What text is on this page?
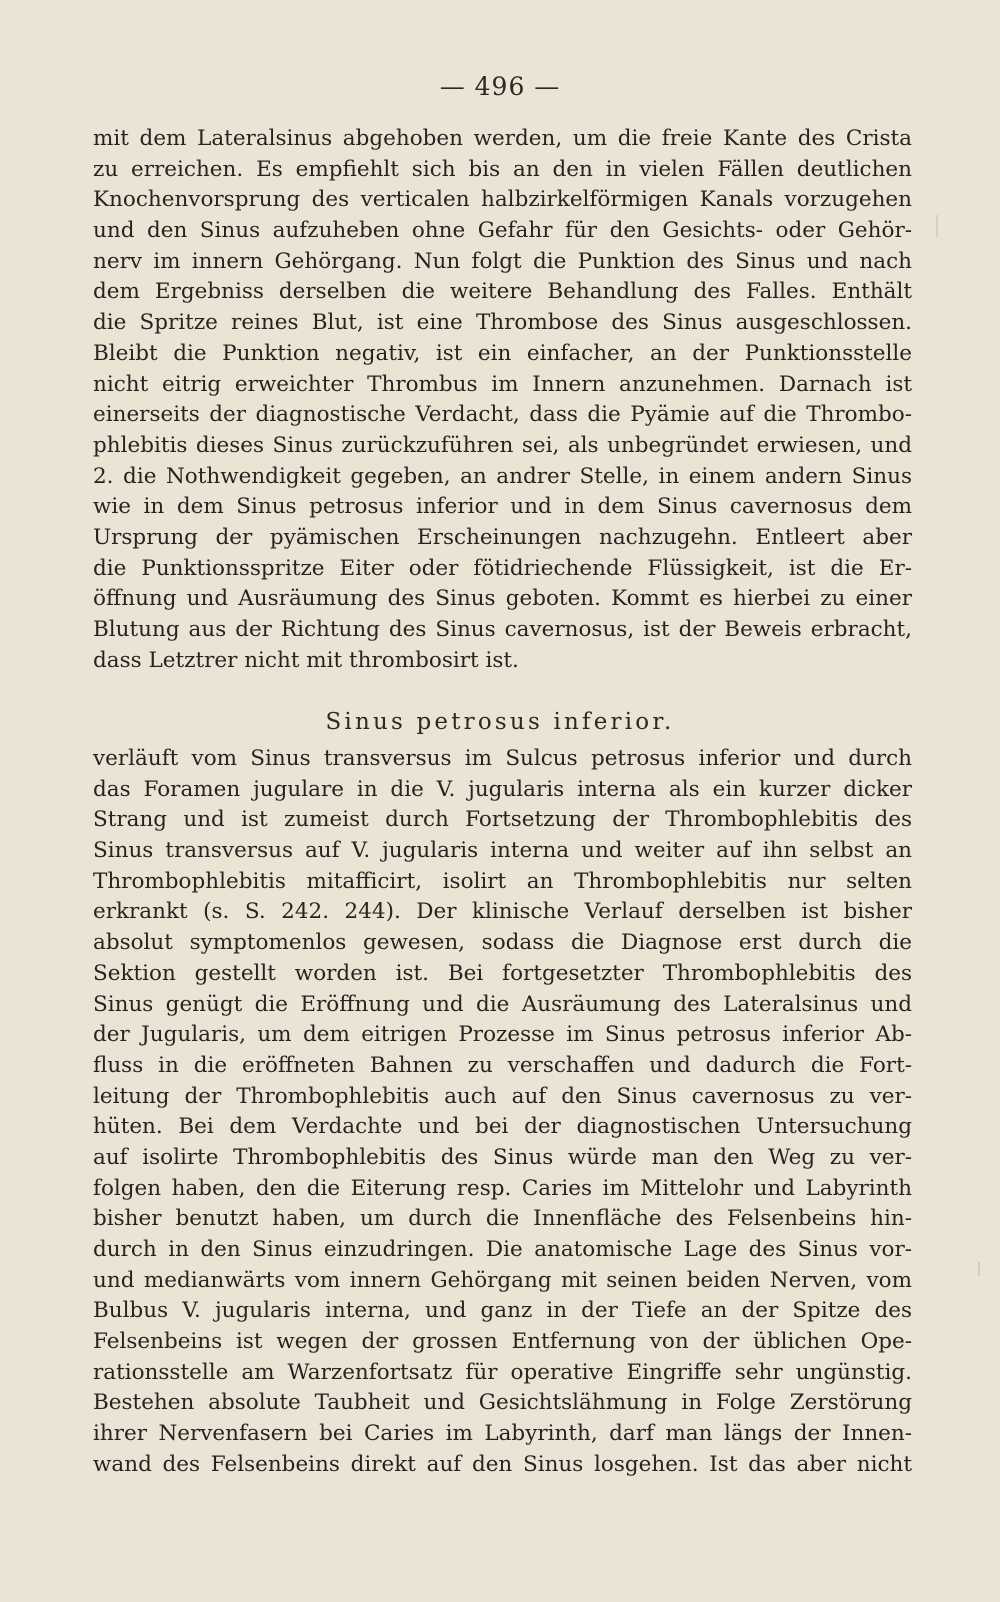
— 496 —
mit dem Lateralsinus abgehoben werden, um die freie Kante des Crista
zu erreichen. Es empfiehlt sich bis an den in vielen Fällen deutlichen
Knochenvorsprung des verticalen halbzirkelförmigen Kanals vorzugehen
und den Sinus aufzuheben ohne Gefahr für den Gesichts- oder Gehör-
nerv im innern Gehörgang. Nun folgt die Punktion des Sinus und nach
dem Ergebniss derselben die weitere Behandlung des Falles. Enthält
die Spritze reines Blut, ist eine Thrombose des Sinus ausgeschlossen.
Bleibt die Punktion negativ, ist ein einfacher, an der Punktionsstelle
nicht eitrig erweichter Thrombus im Innern anzunehmen. Darnach ist
einerseits der diagnostische Verdacht, dass die Pyämie auf die Thrombo-
phlebitis dieses Sinus zurückzuführen sei, als unbegründet erwiesen, und
2. die Nothwendigkeit gegeben, an andrer Stelle, in einem andern Sinus
wie in dem Sinus petrosus inferior und in dem Sinus cavernosus dem
Ursprung der pyämischen Erscheinungen nachzugehn. Entleert aber
die Punktionsspritze Eiter oder fötidriechende Flüssigkeit, ist die Er-
öffnung und Ausräumung des Sinus geboten. Kommt es hierbei zu einer
Blutung aus der Richtung des Sinus cavernosus, ist der Beweis erbracht,
dass Letztrer nicht mit thrombosirt ist.
Sinus petrosus inferior.
verläuft vom Sinus transversus im Sulcus petrosus inferior und durch
das Foramen jugulare in die V. jugularis interna als ein kurzer dicker
Strang und ist zumeist durch Fortsetzung der Thrombophlebitis des
Sinus transversus auf V. jugularis interna und weiter auf ihn selbst an
Thrombophlebitis mitafficirt, isolirt an Thrombophlebitis nur selten
erkrankt (s. S. 242. 244). Der klinische Verlauf derselben ist bisher
absolut symptomenlos gewesen, sodass die Diagnose erst durch die
Sektion gestellt worden ist. Bei fortgesetzter Thrombophlebitis des
Sinus genügt die Eröffnung und die Ausräumung des Lateralsinus und
der Jugularis, um dem eitrigen Prozesse im Sinus petrosus inferior Ab-
fluss in die eröffneten Bahnen zu verschaffen und dadurch die Fort-
leitung der Thrombophlebitis auch auf den Sinus cavernosus zu ver-
hüten. Bei dem Verdachte und bei der diagnostischen Untersuchung
auf isolirte Thrombophlebitis des Sinus würde man den Weg zu ver-
folgen haben, den die Eiterung resp. Caries im Mittelohr und Labyrinth
bisher benutzt haben, um durch die Innenfläche des Felsenbeins hin-
durch in den Sinus einzudringen. Die anatomische Lage des Sinus vor-
und medianwärts vom innern Gehörgang mit seinen beiden Nerven, vom
Bulbus V. jugularis interna, und ganz in der Tiefe an der Spitze des
Felsenbeins ist wegen der grossen Entfernung von der üblichen Ope-
rationsstelle am Warzenfortsatz für operative Eingriffe sehr ungünstig.
Bestehen absolute Taubheit und Gesichtslähmung in Folge Zerstörung
ihrer Nervenfasern bei Caries im Labyrinth, darf man längs der Innen-
wand des Felsenbeins direkt auf den Sinus losgehen. Ist das aber nicht
